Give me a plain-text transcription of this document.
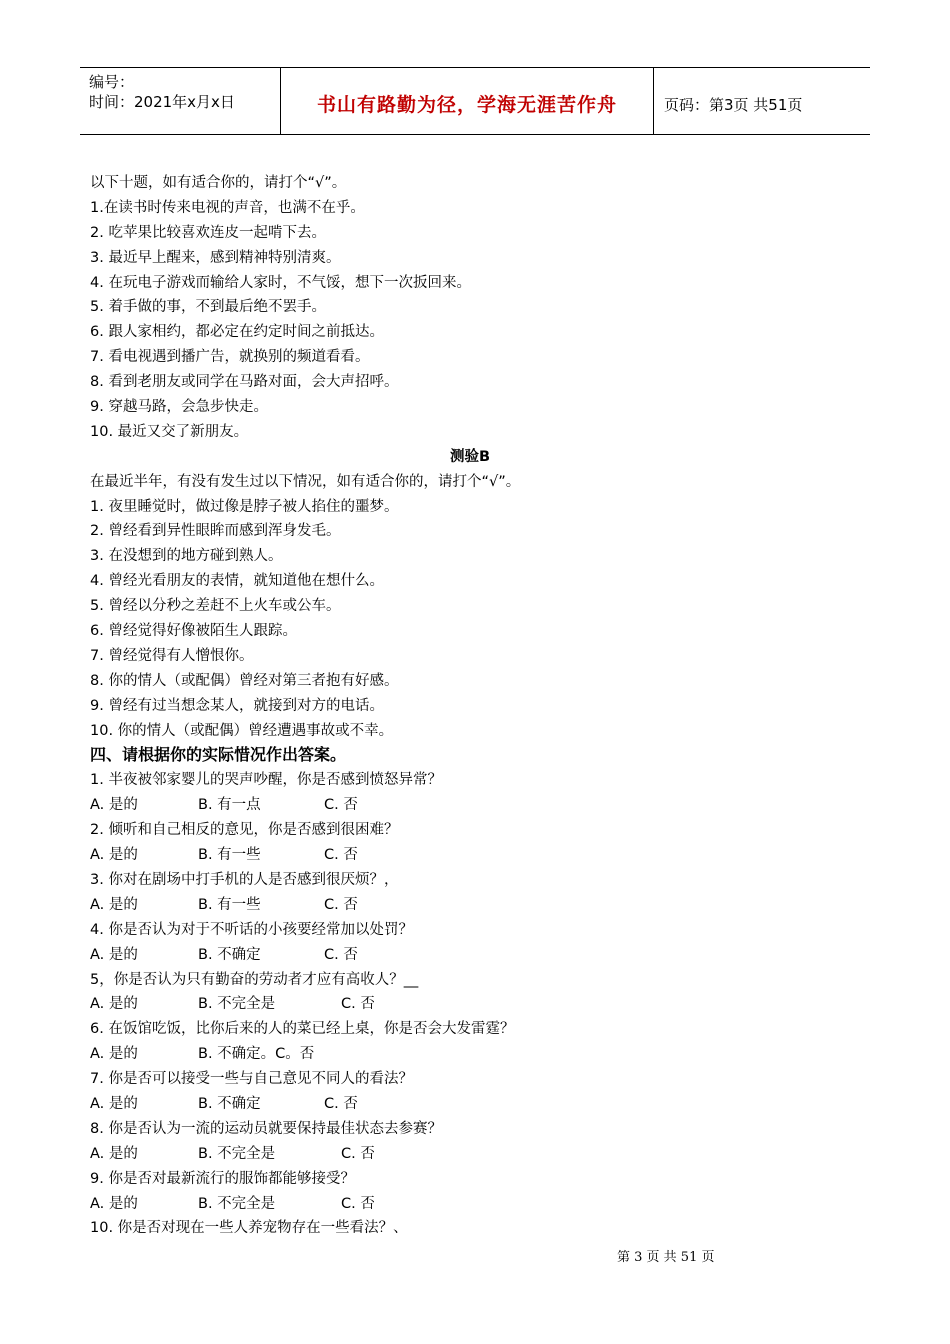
编号：
时间：2021年x月x日	书山有路勤为径，学海无涯苦作舟	页码：第3页 共51页
以下十题，如有适合你的，请打个“√”。
1.在读书时传来电视的声音，也满不在乎。
2. 吃苹果比较喜欢连皮一起啃下去。
3. 最近早上醒来，感到精神特别清爽。
4. 在玩电子游戏而输给人家时，不气馁，想下一次扳回来。
5. 着手做的事，不到最后绝不罢手。
6. 跟人家相约，都必定在约定时间之前抵达。
7. 看电视遇到播广告，就换别的频道看看。
8. 看到老朋友或同学在马路对面，会大声招呼。
9. 穿越马路，会急步快走。
10. 最近又交了新朋友。
测验B
在最近半年，有没有发生过以下情况，如有适合你的，请打个“√”。
1. 夜里睡觉时，做过像是脖子被人掐住的噩梦。
2. 曾经看到异性眼眸而感到浑身发毛。
3. 在没想到的地方碰到熟人。
4. 曾经光看朋友的表情，就知道他在想什么。
5. 曾经以分秒之差赶不上火车或公车。
6. 曾经觉得好像被陌生人跟踪。
7. 曾经觉得有人憎恨你。
8. 你的情人（或配偶）曾经对第三者抱有好感。
9. 曾经有过当想念某人，就接到对方的电话。
10. 你的情人（或配偶）曾经遭遇事故或不幸。
四、请根据你的实际惜况作出答案。
1. 半夜被邻家婴儿的哭声吵醒，你是否感到愤怒异常？
A. 是的	B. 有一点	C. 否
2. 倾听和自己相反的意见，你是否感到很困难？
A. 是的	B. 有一些	C. 否
3. 你对在剧场中打手机的人是否感到很厌烦？，
A. 是的	B. 有一些	C. 否
4. 你是否认为对于不听话的小孩要经常加以处罚？
A. 是的	B. 不确定	C. 否
5，你是否认为只有勤奋的劳动者才应有高收人？__
A. 是的	B. 不完全是	C. 否
6. 在饭馆吃饭，比你后来的人的菜已经上桌，你是否会大发雷霆？
A. 是的	B. 不确定。C。否
7. 你是否可以接受一些与自己意见不同人的看法？
A. 是的	B. 不确定	C. 否
8. 你是否认为一流的运动员就要保持最佳状态去参赛？
A. 是的	B. 不完全是	C. 否
9. 你是否对最新流行的服饰都能够接受？
A. 是的	B. 不完全是	C. 否
10. 你是否对现在一些人养宠物存在一些看法？、
第 3 页 共 51 页
